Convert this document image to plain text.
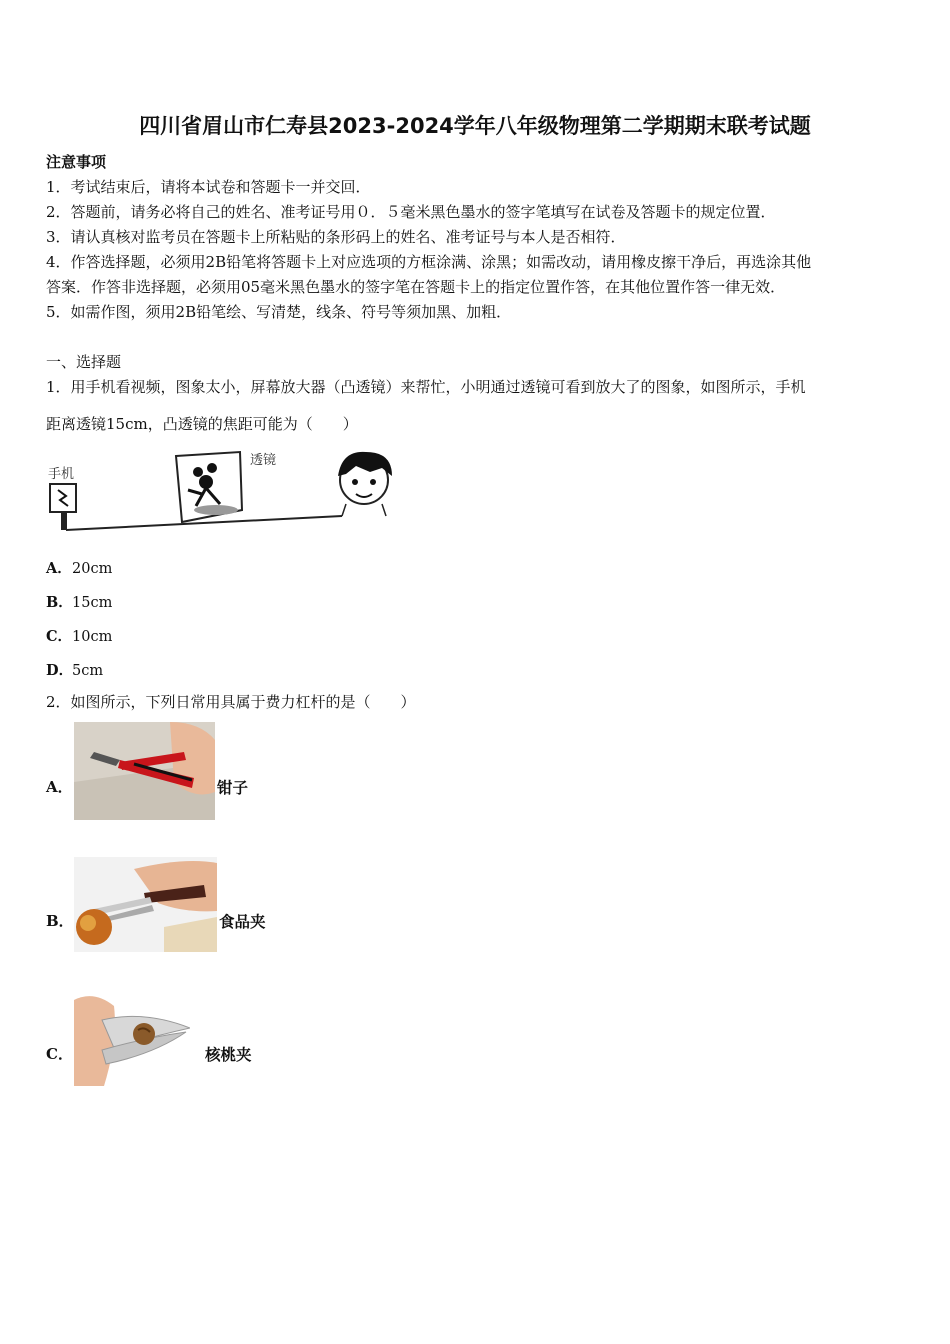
四川省眉山市仁寿县2023-2024学年八年级物理第二学期期末联考试题
注意事项
1．考试结束后，请将本试卷和答题卡一并交回．
2．答题前，请务必将自己的姓名、准考证号用０．５毫米黑色墨水的签字笔填写在试卷及答题卡的规定位置．
3．请认真核对监考员在答题卡上所粘贴的条形码上的姓名、准考证号与本人是否相符．
4．作答选择题，必须用2B铅笔将答题卡上对应选项的方框涂满、涂黑；如需改动，请用橡皮擦干净后，再选涂其他
答案．作答非选择题，必须用05毫米黑色墨水的签字笔在答题卡上的指定位置作答，在其他位置作答一律无效．
5．如需作图，须用2B铅笔绘、写清楚，线条、符号等须加黑、加粗．
一、选择题
1．用手机看视频，图象太小，屏幕放大器（凸透镜）来帮忙，小明通过透镜可看到放大了的图象，如图所示，手机
距离透镜15cm，凸透镜的焦距可能为（　　）
手机
透镜
A．20cm
B．15cm
C．10cm
D．5cm
2．如图所示，下列日常用具属于费力杠杆的是（　　）
A．	钳子
B．	食品夹
C．	核桃夹
